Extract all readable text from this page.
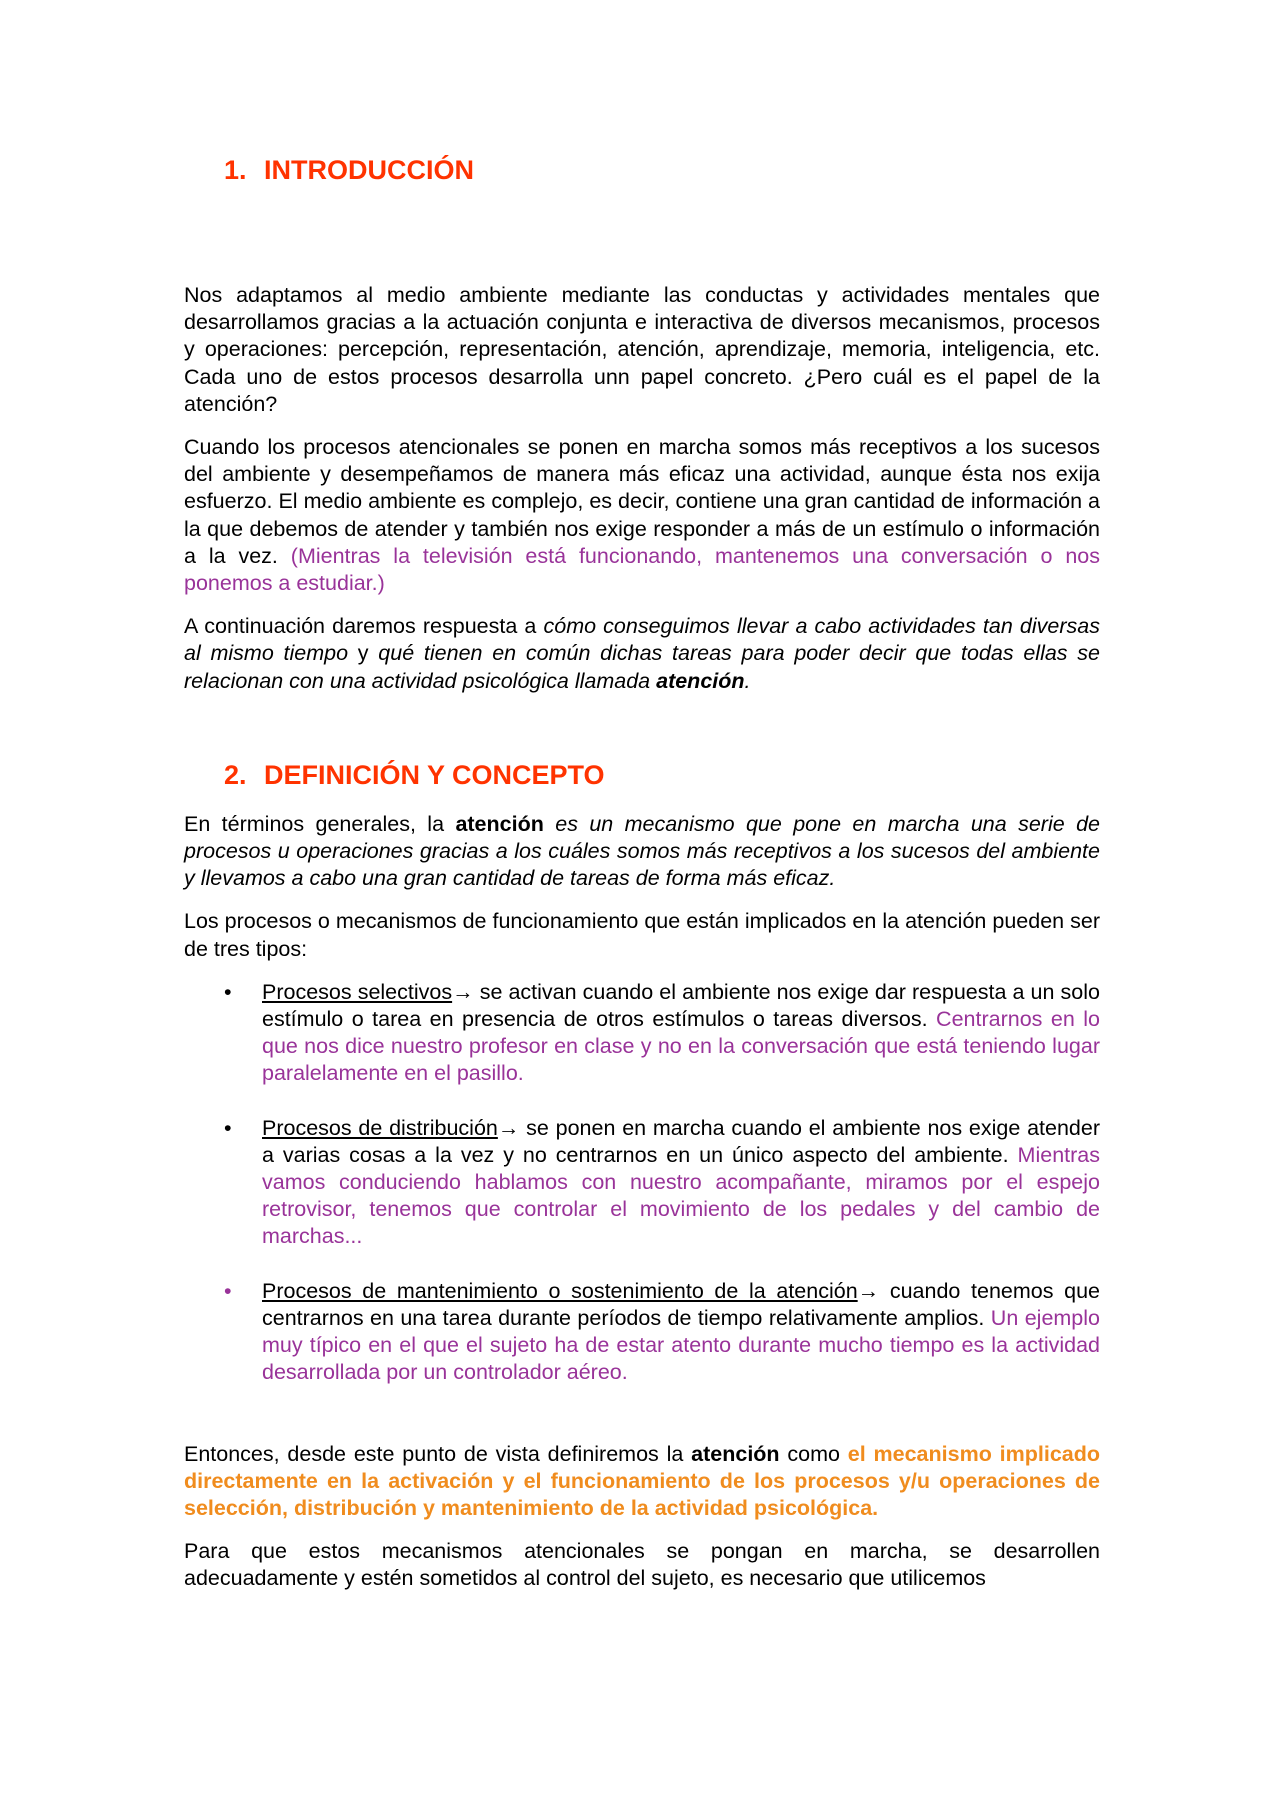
1. INTRODUCCIÓN

Nos adaptamos al medio ambiente mediante las conductas y actividades mentales que desarrollamos gracias a la actuación conjunta e interactiva de diversos mecanismos, procesos y operaciones: percepción, representación, atención, aprendizaje, memoria, inteligencia, etc. Cada uno de estos procesos desarrolla unn papel concreto. ¿Pero cuál es el papel de la atención?

Cuando los procesos atencionales se ponen en marcha somos más receptivos a los sucesos del ambiente y desempeñamos de manera más eficaz una actividad, aunque ésta nos exija esfuerzo. El medio ambiente es complejo, es decir, contiene una gran cantidad de información a la que debemos de atender y también nos exige responder a más de un estímulo o información a la vez. (Mientras la televisión está funcionando, mantenemos una conversación o nos ponemos a estudiar.)

A continuación daremos respuesta a cómo conseguimos llevar a cabo actividades tan diversas al mismo tiempo y qué tienen en común dichas tareas para poder decir que todas ellas se relacionan con una actividad psicológica llamada atención.

2. DEFINICIÓN Y CONCEPTO

En términos generales, la atención es un mecanismo que pone en marcha una serie de procesos u operaciones gracias a los cuáles somos más receptivos a los sucesos del ambiente y llevamos a cabo una gran cantidad de tareas de forma más eficaz.

Los procesos o mecanismos de funcionamiento que están implicados en la atención pueden ser de tres tipos:

• Procesos selectivos→ se activan cuando el ambiente nos exige dar respuesta a un solo estímulo o tarea en presencia de otros estímulos o tareas diversos. Centrarnos en lo que nos dice nuestro profesor en clase y no en la conversación que está teniendo lugar paralelamente en el pasillo.
• Procesos de distribución→ se ponen en marcha cuando el ambiente nos exige atender a varias cosas a la vez y no centrarnos en un único aspecto del ambiente. Mientras vamos conduciendo hablamos con nuestro acompañante, miramos por el espejo retrovisor, tenemos que controlar el movimiento de los pedales y del cambio de marchas...
• Procesos de mantenimiento o sostenimiento de la atención→ cuando tenemos que centrarnos en una tarea durante períodos de tiempo relativamente amplios. Un ejemplo muy típico en el que el sujeto ha de estar atento durante mucho tiempo es la actividad desarrollada por un controlador aéreo.

Entonces, desde este punto de vista definiremos la atención como el mecanismo implicado directamente en la activación y el funcionamiento de los procesos y/u operaciones de selección, distribución y mantenimiento de la actividad psicológica.

Para que estos mecanismos atencionales se pongan en marcha, se desarrollen adecuadamente y estén sometidos al control del sujeto, es necesario que utilicemos
